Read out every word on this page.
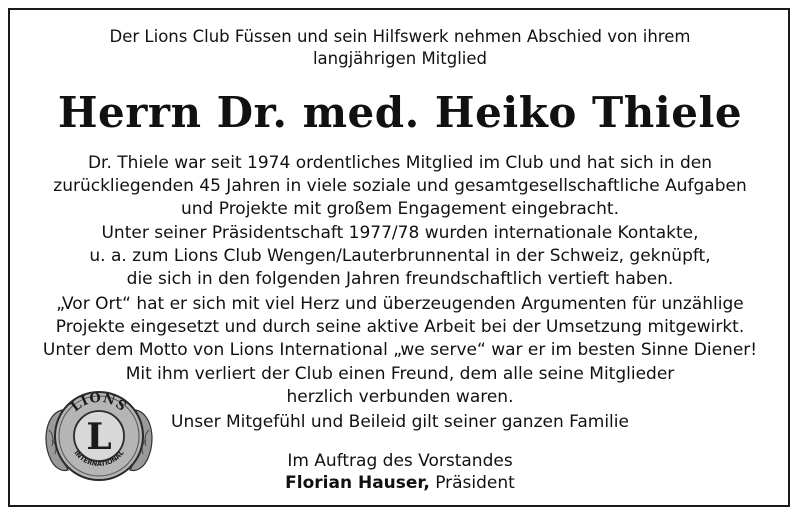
Der Lions Club Füssen und sein Hilfswerk nehmen Abschied von ihrem
langjährigen Mitglied
Herrn Dr. med. Heiko Thiele
Dr. Thiele war seit 1974 ordentliches Mitglied im Club und hat sich in den
zurückliegenden 45 Jahren in viele soziale und gesamtgesellschaftliche Aufgaben
und Projekte mit großem Engagement eingebracht.
Unter seiner Präsidentschaft 1977/78 wurden internationale Kontakte,
u. a. zum Lions Club Wengen/Lauterbrunnental in der Schweiz, geknüpft,
die sich in den folgenden Jahren freundschaftlich vertieft haben.
„Vor Ort“ hat er sich mit viel Herz und überzeugenden Argumenten für unzählige
Projekte eingesetzt und durch seine aktive Arbeit bei der Umsetzung mitgewirkt.
Unter dem Motto von Lions International „we serve“ war er im besten Sinne Diener!
Mit ihm verliert der Club einen Freund, dem alle seine Mitglieder
herzlich verbunden waren.
Unser Mitgefühl und Beileid gilt seiner ganzen Familie
Im Auftrag des Vorstandes
Florian Hauser, Präsident
L
LIONS
INTERNATIONAL
